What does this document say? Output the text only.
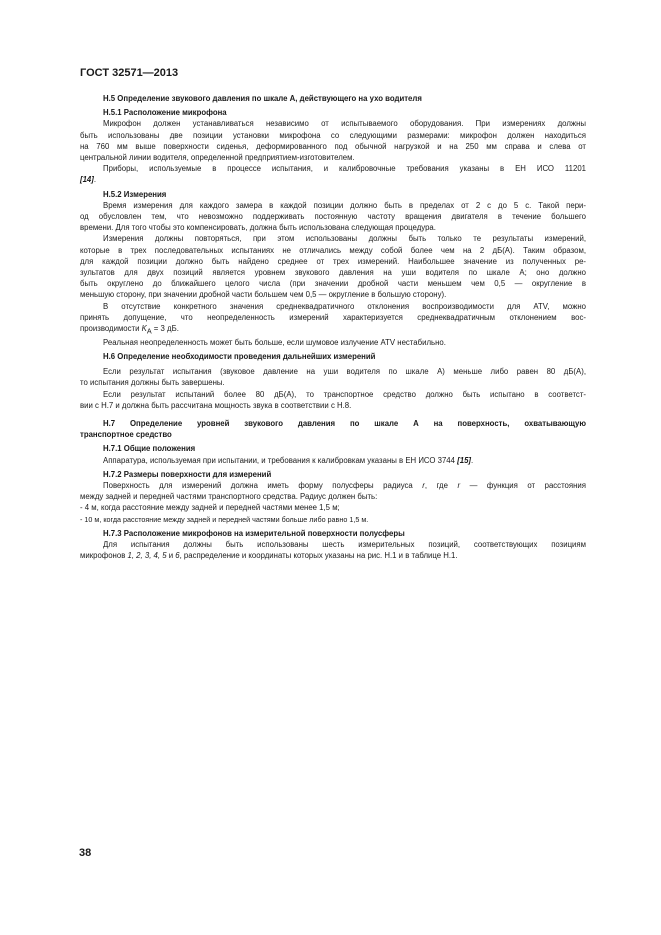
ГОСТ 32571—2013
Н.5 Определение звукового давления по шкале А, действующего на ухо водителя
Н.5.1 Расположение микрофона
Микрофон должен устанавливаться независимо от испытываемого оборудования. При измерениях должны
быть использованы две позиции установки микрофона со следующими размерами: микрофон должен находиться
на 760 мм выше поверхности сиденья, деформированного под обычной нагрузкой и на 250 мм справа и слева от
центральной линии водителя, определенной предприятием-изготовителем.
Приборы, используемые в процессе испытания, и калибровочные требования указаны в ЕН ИСО 11201
[14].
Н.5.2 Измерения
Время измерения для каждого замера в каждой позиции должно быть в пределах от 2 с до 5 с. Такой пери-
од обусловлен тем, что невозможно поддерживать постоянную частоту вращения двигателя в течение большего
времени. Для того чтобы это компенсировать, должна быть использована следующая процедура.
Измерения должны повторяться, при этом использованы должны быть только те результаты измерений,
которые в трех последовательных испытаниях не отличались между собой более чем на 2 дБ(А). Таким образом,
для каждой позиции должно быть найдено среднее от трех измерений. Наибольшее значение из полученных ре-
зультатов для двух позиций является уровнем звукового давления на уши водителя по шкале А; оно должно
быть округлено до ближайшего целого числа (при значении дробной части меньшем чем 0,5 — округление в
меньшую сторону, при значении дробной части большем чем 0,5 — округление в большую сторону).
В отсутствие конкретного значения среднеквадратичного отклонения воспроизводимости для ATV, можно
принять допущение, что неопределенность измерений характеризуется среднеквадратичным отклонением вос-
производимости $K_A = 3$ дБ.
Реальная неопределенность может быть больше, если шумовое излучение ATV нестабильно.
Н.6 Определение необходимости проведения дальнейших измерений
Если результат испытания (звуковое давление на уши водителя по шкале А) меньше либо равен 80 дБ(А),
то испытания должны быть завершены.
Если результат испытаний более 80 дБ(А), то транспортное средство должно быть испытано в соответст-
вии с Н.7 и должна быть рассчитана мощность звука в соответствии с Н.8.
Н.7 Определение уровней звукового давления по шкале А на поверхность, охватывающую
транспортное средство
Н.7.1 Общие положения
Аппаратура, используемая при испытании, и требования к калибровкам указаны в ЕН ИСО 3744 [15].
Н.7.2 Размеры поверхности для измерений
Поверхность для измерений должна иметь форму полусферы радиуса r, где r — функция от расстояния
между задней и передней частями транспортного средства. Радиус должен быть:
- 4 м, когда расстояние между задней и передней частями менее 1,5 м;
- 10 м, когда расстояние между задней и передней частями больше либо равно 1,5 м.
Н.7.3 Расположение микрофонов на измерительной поверхности полусферы
Для испытания должны быть использованы шесть измерительных позиций, соответствующих позициям
микрофонов 1, 2, 3, 4, 5 и 6, распределение и координаты которых указаны на рис. Н.1 и в таблице Н.1.
38
